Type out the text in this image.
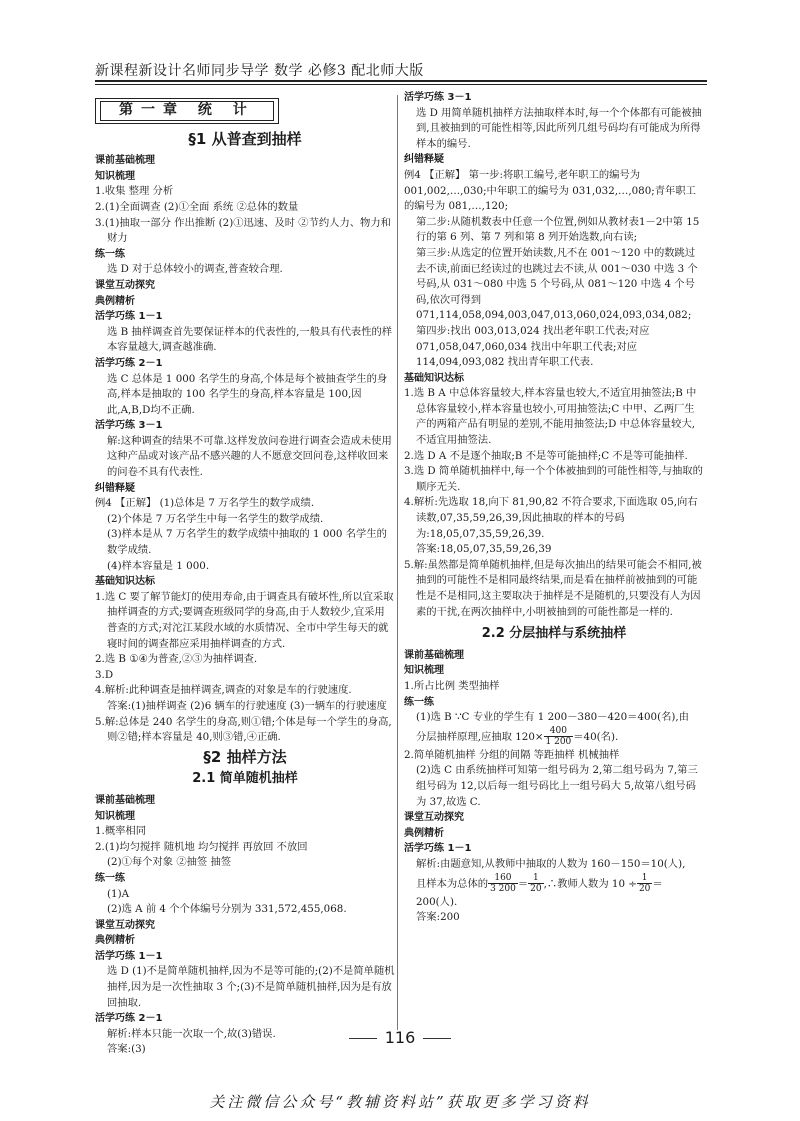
新课程新设计名师同步导学 数学 必修3 配北师大版
第一章 统 计
§1 从普查到抽样

课前基础梳理

知识梳理

1.收集 整理 分析

2.(1)全面调查 (2)①全面 系统 ②总体的数量

3.(1)抽取一部分 作出推断 (2)①迅速、及时 ②节约人力、物力和财力

练一练

选 D 对于总体较小的调查,普查较合理.

课堂互动探究

典例精析

活学巧练 1－1

选 B 抽样调查首先要保证样本的代表性的,一般具有代表性的样本容量越大,调查越准确.

活学巧练 2－1

选 C 总体是 1 000 名学生的身高,个体是每个被抽查学生的身高,样本是抽取的 100 名学生的身高,样本容量是 100,因此,A,B,D均不正确.

活学巧练 3－1

解:这种调查的结果不可靠.这样发放问卷进行调查会造成未使用这种产品或对该产品不感兴趣的人不愿意交回问卷,这样收回来的问卷不具有代表性.

纠错释疑

例4 【正解】 (1)总体是 7 万名学生的数学成绩.

(2)个体是 7 万名学生中每一名学生的数学成绩.

(3)样本是从 7 万名学生的数学成绩中抽取的 1 000 名学生的数学成绩.

(4)样本容量是 1 000.

基础知识达标

1.选 C 要了解节能灯的使用寿命,由于调查具有破坏性,所以宜采取抽样调查的方式;要调查班级同学的身高,由于人数较少,宜采用普查的方式;对沱江某段水域的水质情况、全市中学生每天的就寝时间的调查都应采用抽样调查的方式.

2.选 B ①④为普查,②③为抽样调查.

3.D

4.解析:此种调查是抽样调查,调查的对象是车的行驶速度.

答案:(1)抽样调查 (2)6 辆车的行驶速度 (3)一辆车的行驶速度

5.解:总体是 240 名学生的身高,则①错;个体是每一个学生的身高,则②错;样本容量是 40,则③错,④正确.

§2 抽样方法
2.1 简单随机抽样

课前基础梳理

知识梳理

1.概率相同

2.(1)均匀搅拌 随机地 均匀搅拌 再放回 不放回

(2)①每个对象 ②抽签 抽签

练一练

(1)A

(2)选 A 前 4 个个体编号分别为 331,572,455,068.

课堂互动探究

典例精析

活学巧练 1－1

选 D (1)不是简单随机抽样,因为不是等可能的;(2)不是简单随机抽样,因为是一次性抽取 3 个;(3)不是简单随机抽样,因为是有放回抽取.

活学巧练 2－1

解析:样本只能一次取一个,故(3)错误.

答案:(3)

活学巧练 3－1

选 D 用简单随机抽样方法抽取样本时,每一个个体都有可能被抽到,且被抽到的可能性相等,因此所列几组号码均有可能成为所得样本的编号.

纠错释疑

例4 【正解】 第一步:将职工编号,老年职工的编号为 001,002,…,030;中年职工的编号为 031,032,…,080;青年职工的编号为 081,…,120;

第二步:从随机数表中任意一个位置,例如从教材表1－2中第 15 行的第 6 列、第 7 列和第 8 列开始选数,向右读;

第三步:从选定的位置开始读数,凡不在 001～120 中的数跳过去不读,前面已经读过的也跳过去不读,从 001～030 中选 3 个号码,从 031～080 中选 5 个号码,从 081～120 中选 4 个号码,依次可得到 071,114,058,094,003,047,013,060,024,093,034,082;

第四步:找出 003,013,024 找出老年职工代表;对应 071,058,047,060,034 找出中年职工代表;对应 114,094,093,082 找出青年职工代表.

基础知识达标

1.选 B A 中总体容量较大,样本容量也较大,不适宜用抽签法;B 中总体容量较小,样本容量也较小,可用抽签法;C 中甲、乙两厂生产的两箱产品有明显的差别,不能用抽签法;D 中总体容量较大,不适宜用抽签法.

2.选 D A 不是逐个抽取;B 不是等可能抽样;C 不是等可能抽样.

3.选 D 简单随机抽样中,每一个个体被抽到的可能性相等,与抽取的顺序无关.

4.解析:先选取 18,向下 81,90,82 不符合要求,下面选取 05,向右读数,07,35,59,26,39,因此抽取的样本的号码为:18,05,07,35,59,26,39.

答案:18,05,07,35,59,26,39

5.解:虽然都是简单随机抽样,但是每次抽出的结果可能会不相同,被抽到的可能性不是相同最终结果,而是看在抽样前被抽到的可能性是不是相同,这主要取决于抽样是不是随机的,只要没有人为因素的干扰,在两次抽样中,小明被抽到的可能性都是一样的.

2.2 分层抽样与系统抽样

课前基础梳理

知识梳理

1.所占比例 类型抽样

练一练

(1)选 B ∵C 专业的学生有 1 200－380－420＝400(名),由

分层抽样原理,应抽取 $120\times \frac{400}{1 200} =40$(名).

2.简单随机抽样 分组的间隔 等距抽样 机械抽样

(2)选 C 由系统抽样可知第一组号码为 2,第二组号码为 7,第三组号码为 12,以后每一组号码比上一组号码大 5,故第八组号码为 37,故选 C.

课堂互动探究

典例精析

活学巧练 1－1

解析:由题意知,从教师中抽取的人数为 160－150＝10(人),

且样本为总体的 $\frac{160}{3 200} = \frac{1}{20}$ ,∴教师人数为 $10 \div \frac{1}{20}$ ＝

200(人).

答案:200

116
关注微信公众号“教辅资料站”获取更多学习资料
